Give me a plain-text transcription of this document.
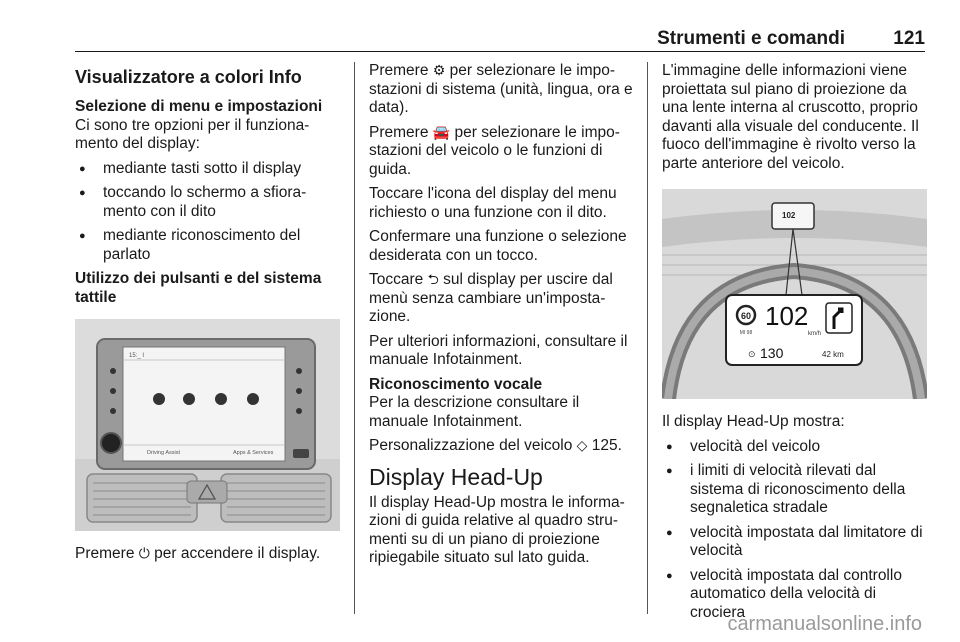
Strumenti e comandi	121
Visualizzatore a colori Info
Selezione di menu e impostazioni

Ci sono tre opzioni per il funziona-mento del display:

● mediante tasti sotto il display
● toccando lo schermo a sfiora-mento con il dito
● mediante riconoscimento del parlato
Utilizzo dei pulsanti e del sistema tattile
15:_ I
Driving Assist	Apps & Services

Premere ⏻ per accendere il display.

Premere ⚙ per selezionare le impo-stazioni di sistema (unità, lingua, ora e data).

Premere 🚘 per selezionare le impo-stazioni del veicolo o le funzioni di guida.

Toccare l'icona del display del menu richiesto o una funzione con il dito.

Confermare una funzione o selezione desiderata con un tocco.

Toccare ⮌ sul display per uscire dal menù senza cambiare un'imposta-zione.

Per ulteriori informazioni, consultare il manuale Infotainment.

Riconoscimento vocale

Per la descrizione consultare il manuale Infotainment.

Personalizzazione del veicolo ◇ 125.

Display Head-Up

Il display Head-Up mostra le informa-zioni di guida relative al quadro stru-menti su di un piano di proiezione ripiegabile situato sul lato guida.

L'immagine delle informazioni viene proiettata sul piano di proiezione da una lente interna al cruscotto, proprio davanti alla visuale del conducente. Il fuoco dell'immagine è rivolto verso la parte anteriore del veicolo.

102
60
MI 98
102
km/h
⊙ 130	42 km

Il display Head-Up mostra:

● velocità del veicolo
● i limiti di velocità rilevati dal sistema di riconoscimento della segnaletica stradale
● velocità impostata dal limitatore di velocità
● velocità impostata dal controllo automatico della velocità di crociera
carmanualsonline.info
